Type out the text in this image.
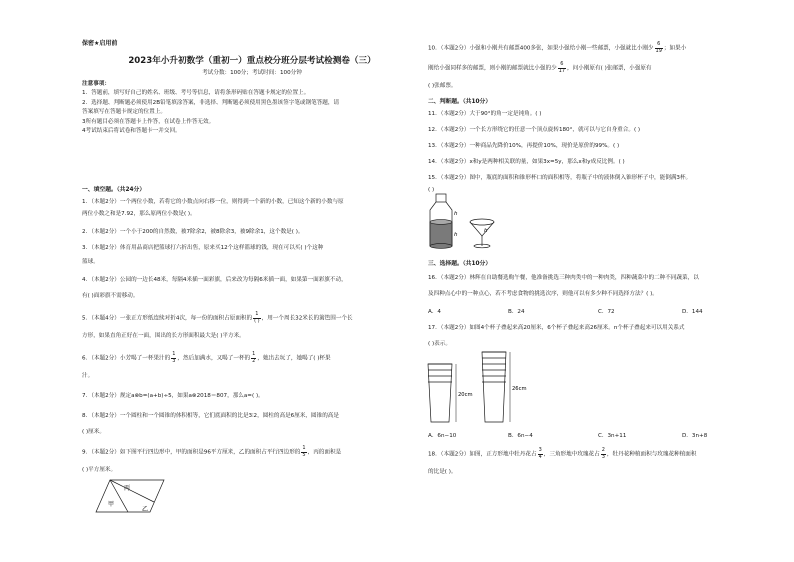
保密★启用前
2023年小升初数学（重初一）重点校分班分层考试检测卷（三）
考试分数：100分；考试时间：100分钟
注意事项：
1．答题前，填写好自己的姓名、班级、考号等信息，请将条形码贴在答题卡规定的位置上。
2．选择题、判断题必须使用2B铅笔填涂答案，非选择、判断题必须使用黑色墨该签字笔或钢笔答题，请
答案填写在答题卡规定的位置上。
3所有题目必须在答题卡上作答，在试卷上作答无效。
4考试结束后将试卷和答题卡一并交回。
一、填空题。（共24分）
1．（本题2分）一个两位小数，若将它的小数点向右移一位，则得到一个新的小数，已知这个新的小数与原
两位小数之和是7.92，那么原两位小数是( )。
2．（本题2分）一个小于200的自然数，被7除余2，被8除余3，被9除余1，这个数是( )。
3．（本题2分）体育用品商店把篮球打六折出售，原来买12个这样篮球的钱，现在可以买( )个这种
篮球。
4．（本题2分）公园的一边长48米，每隔4米插一面彩旗，后来改为每隔6米插一面，如果第一面彩旗不动，
有( )面彩旗不需移动。
5．（本题4分）一张正方形纸连续对折4次，每一份的面积占原面积的 $\frac{1}{( )}$ ，用一个周长32米长的篱笆围一个长
方形，如果直角正好在一面，围出的长方形面积最大是( )平方米。
6．（本题2分）小芳喝了一杯果汁的 $\frac{1}{3}$ ，然后加满水，又喝了一杯的 $\frac{1}{2}$ ，她出去玩了，她喝了( )杯果
汁。
7．（本题2分）规定a⊗b=(a+b)÷5，如果a⊗2018＝807，那么a=( )。
8．（本题2分）一个圆柱和一个圆锥的体积相等，它们底面积的比是3∶2，圆柱的高是6厘米，圆锥的高是
( )厘米。
9．（本题2分）如下图平行四边形中，甲的面积是96平方厘米，乙的面积占平行四边形的 $\frac{1}{5}$ ，丙的面积是
( )平方厘米。
丙
甲
乙
10．（本题2分）小强和小刚共有邮票400多张，如果小强给小刚一些邮票，小强就比小刚少 $\frac{6}{19}$ ；如果小
刚给小强同样多的邮票，则小刚的邮票就比小强的少 $\frac{6}{17}$ ，问小刚原有( )张邮票，小强原有
( )张邮票。
二、判断题。（共10分）
11．（本题2分）大于90°的角一定是钝角。( )
12．（本题2分）一个长方形绕它的任意一个顶点旋转180°，就可以与它自身重合。( )
13．（本题2分）一种商品先降价10%，再提价10%，现价是原价的99%。( )
14．（本题2分）x和y是两种相关联的量，如果3x=5y，那么x和y成反比例。( )
15．（本题2分）图中，瓶底的面积和锥形杯口的面积相等，将瓶子中的液体倒入锥形杯子中，能倒满3杯。
( )
h
h
h
三、选择题。（共10分）
16．（本题2分）林辉在自助餐选购午餐，他准备挑选三种肉类中的一种肉类，四种蔬菜中的二种不同蔬菜，以
及四种点心中的一种点心，若不考虑食物的挑选次序，则他可以有多少种不同选择方法？( )。
A．4	B．24	C．72	D．144
17．（本题2分）如图4个杯子叠起来高20厘米，6个杯子叠起来高26厘米。n个杯子叠起来可以用关系式
( )表示。
20cm
26cm
A．6n−10	B．6n−4	C．3n+11	D．3n+8
18．（本题2分）如图，正方形地中牡丹花占 $\frac{3}{4}$ ，三角形地中玫瑰花占 $\frac{2}{3}$ ，牡丹花种植面积与玫瑰花种植面积
的比是( )。
